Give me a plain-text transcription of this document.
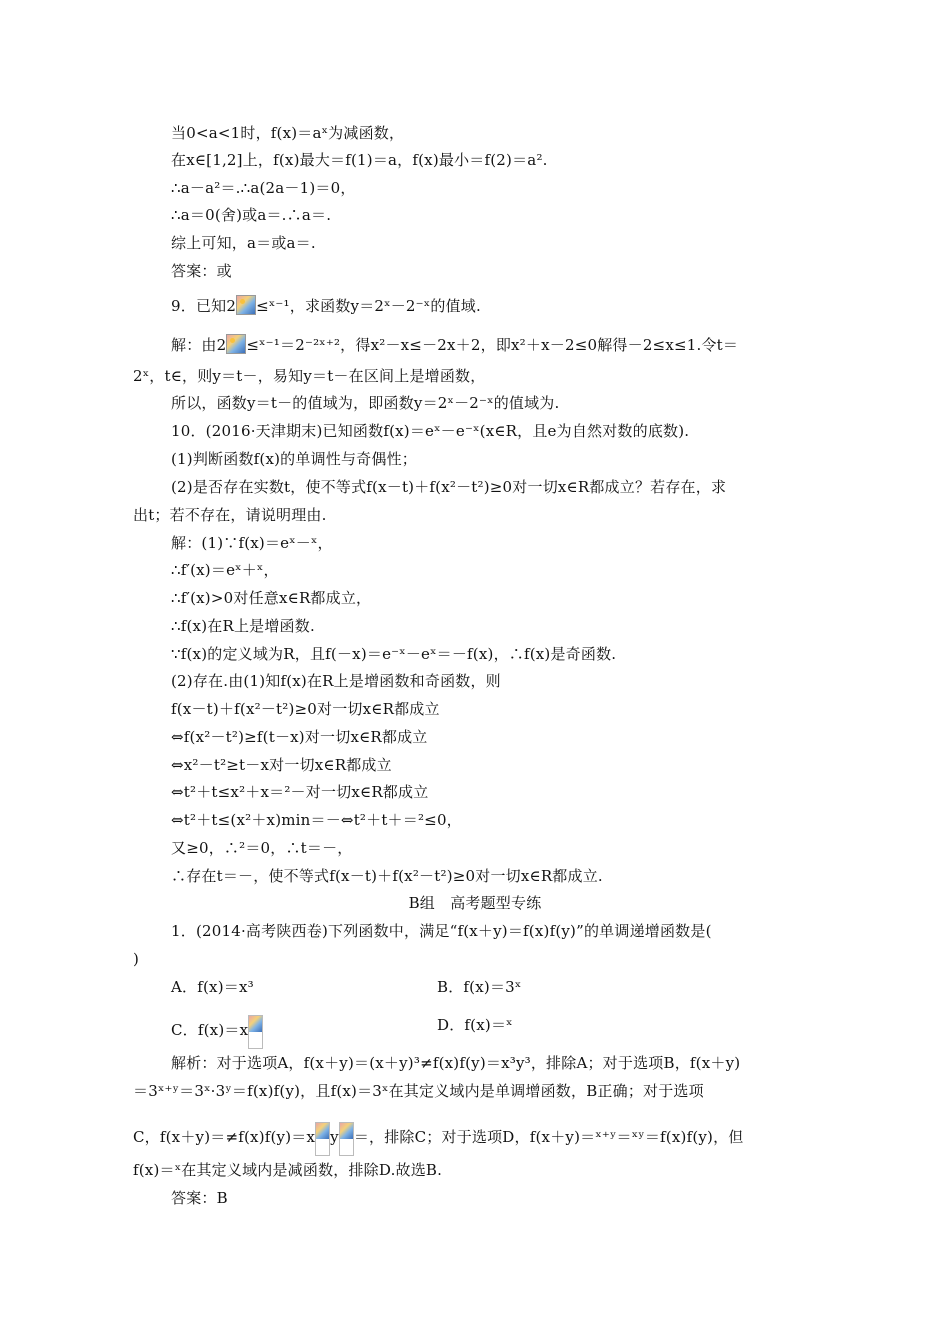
当0<a<1时，f(x)＝aˣ为减函数，
在x∈[1,2]上，f(x)最大＝f(1)＝a，f(x)最小＝f(2)＝a².
∴a－a²＝.∴a(2a－1)＝0，
∴a＝0(舍)或a＝.∴a＝.
综上可知，a＝或a＝.
答案：或
9．已知2 ≤ˣ⁻¹，求函数y＝2ˣ－2⁻ˣ的值域.
解：由2 ≤ˣ⁻¹＝2⁻²ˣ⁺²，得x²－x≤－2x＋2，即x²＋x－2≤0解得－2≤x≤1.令t＝
2ˣ，t∈，则y＝t－，易知y＝t－在区间上是增函数，
所以，函数y＝t－的值域为，即函数y＝2ˣ－2⁻ˣ的值域为.
10．(2016·天津期末)已知函数f(x)＝eˣ－e⁻ˣ(x∈R，且e为自然对数的底数).
(1)判断函数f(x)的单调性与奇偶性；
(2)是否存在实数t，使不等式f(x－t)＋f(x²－t²)≥0对一切x∈R都成立？若存在，求
出t；若不存在，请说明理由.
解：(1)∵f(x)＝eˣ－ˣ，
∴f′(x)＝eˣ＋ˣ，
∴f′(x)>0对任意x∈R都成立，
∴f(x)在R上是增函数.
∵f(x)的定义域为R，且f(－x)＝e⁻ˣ－eˣ＝－f(x)，∴f(x)是奇函数.
(2)存在.由(1)知f(x)在R上是增函数和奇函数，则
f(x－t)＋f(x²－t²)≥0对一切x∈R都成立
⇔f(x²－t²)≥f(t－x)对一切x∈R都成立
⇔x²－t²≥t－x对一切x∈R都成立
⇔t²＋t≤x²＋x＝²－对一切x∈R都成立
⇔t²＋t≤(x²＋x)min＝－⇔t²＋t＋＝²≤0，
又≥0，∴²＝0，∴t＝－，
∴存在t＝－，使不等式f(x－t)＋f(x²－t²)≥0对一切x∈R都成立.
B组　高考题型专练
1．(2014·高考陕西卷)下列函数中，满足“f(x＋y)＝f(x)f(y)”的单调递增函数是(
)
A．f(x)＝x³	B．f(x)＝3ˣ
C．f(x)＝x	D．f(x)＝ˣ
解析：对于选项A，f(x＋y)＝(x＋y)³≠f(x)f(y)＝x³y³，排除A；对于选项B，f(x＋y)
＝3ˣ⁺ʸ＝3ˣ·3ʸ＝f(x)f(y)，且f(x)＝3ˣ在其定义域内是单调增函数，B正确；对于选项
C，f(x＋y)＝≠f(x)f(y)＝x y ＝，排除C；对于选项D，f(x＋y)＝ˣ⁺ʸ＝ˣʸ＝f(x)f(y)，但
f(x)＝ˣ在其定义域内是减函数，排除D.故选B.
答案：B
